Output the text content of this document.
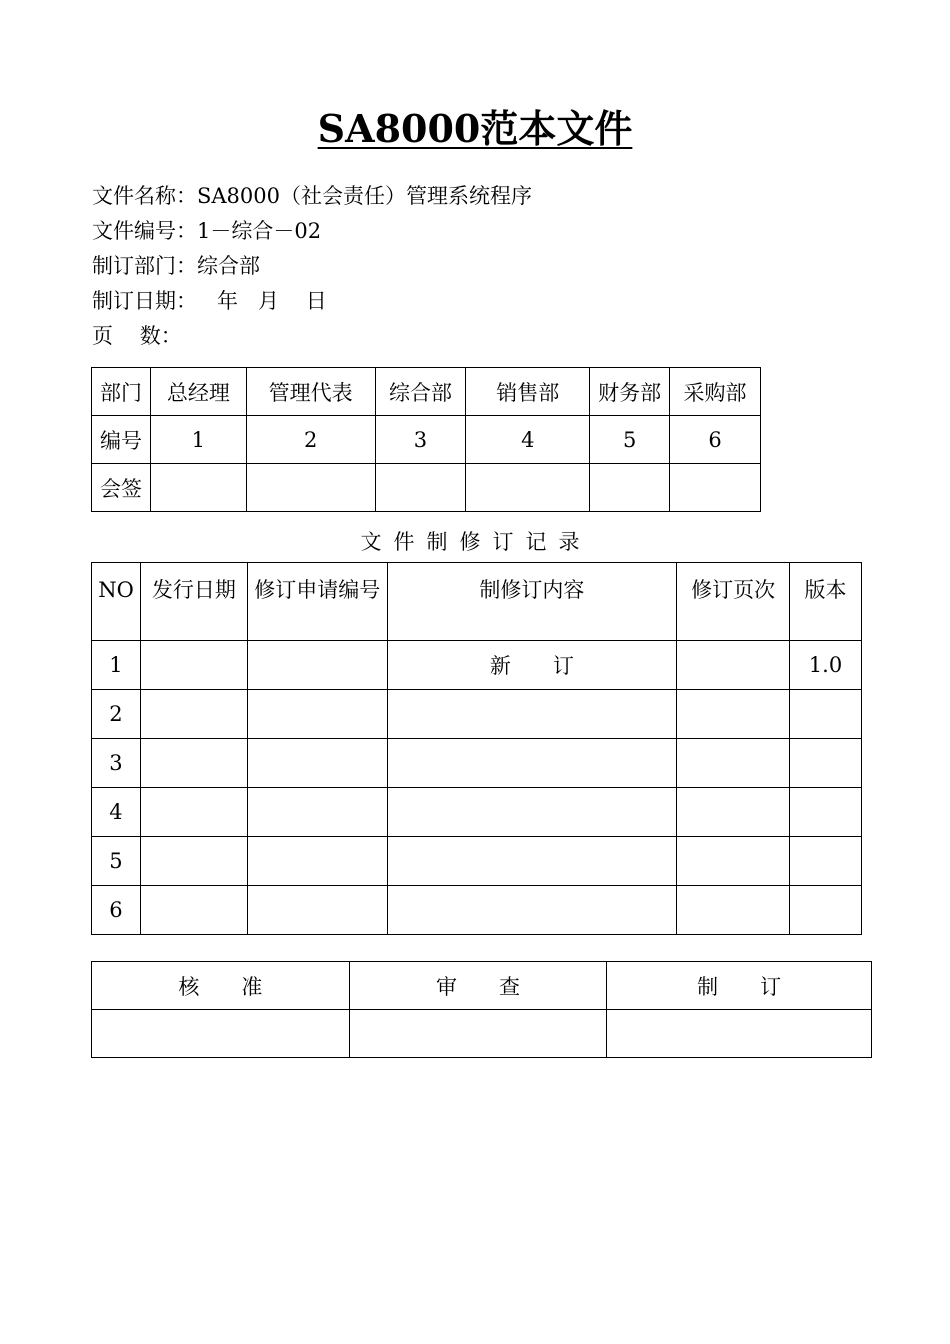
SA8000范本文件
文件名称：SA8000（社会责任）管理系统程序
文件编号：1－综合－02
制订部门：综合部
制订日期：   年   月    日
页    数：
部门	总经理	管理代表	综合部	销售部	财务部	采购部
编号	1	2	3	4	5	6
会签						
文件制修订记录
NO	发行日期	修订申请编号	制修订内容	修订页次	版本
1			新　　订		1.0
2					
3					
4					
5					
6					
核　　准	审　　查	制　　订
